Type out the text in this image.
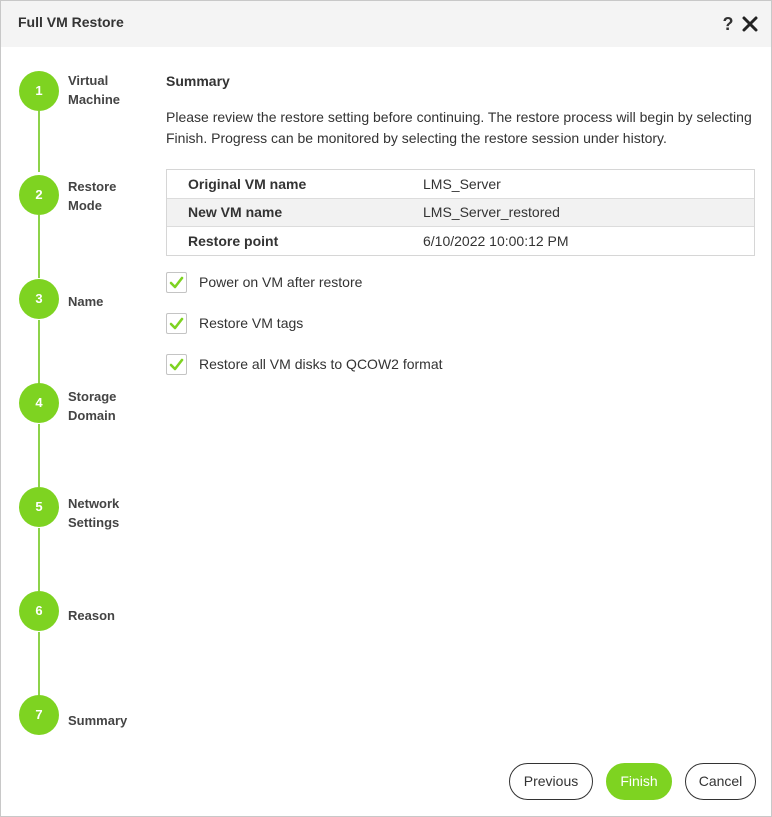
Full VM Restore	?
1
Virtual
Machine
2
Restore
Mode
3	Name
4	Storage
Domain
5	Network
Settings
6	Reason
7	Summary
Summary
Please review the restore setting before continuing. The restore process will begin by selecting Finish. Progress can be monitored by selecting the restore session under history.
Original VM name	LMS_Server
New VM name	LMS_Server_restored
Restore point	6/10/2022 10:00:12 PM
Power on VM after restore
Restore VM tags
Restore all VM disks to QCOW2 format
Previous	Finish	Cancel
